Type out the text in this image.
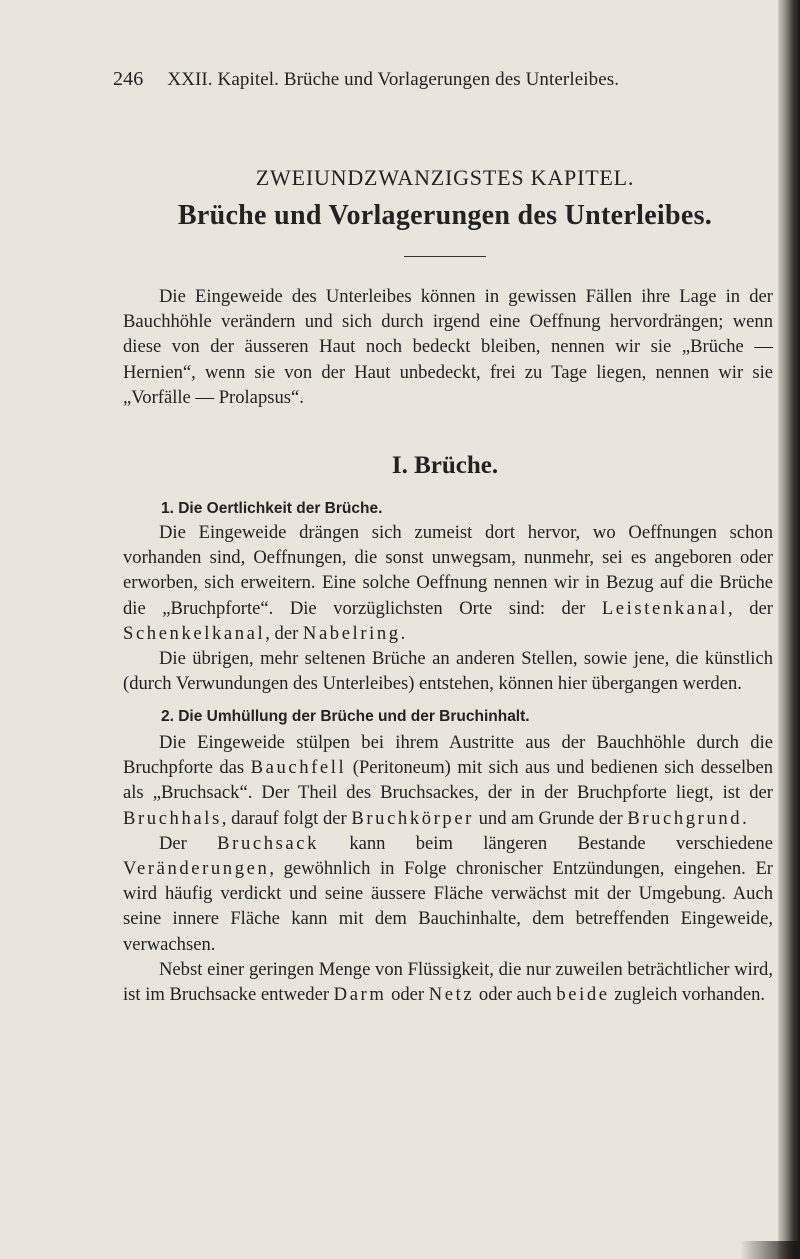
246 XXII. Kapitel. Brüche und Vorlagerungen des Unterleibes.
ZWEIUNDZWANZIGSTES KAPITEL.
Brüche und Vorlagerungen des Unterleibes.

Die Eingeweide des Unterleibes können in gewissen Fällen ihre Lage in der Bauchhöhle verändern und sich durch irgend eine Oeffnung hervordrängen; wenn diese von der äusseren Haut noch bedeckt bleiben, nennen wir sie „Brüche — Hernien“, wenn sie von der Haut unbedeckt, frei zu Tage liegen, nennen wir sie „Vorfälle — Prolapsus“.

I. Brüche.
1. Die Oertlichkeit der Brüche.

Die Eingeweide drängen sich zumeist dort hervor, wo Oeffnungen schon vorhanden sind, Oeffnungen, die sonst unwegsam, nunmehr, sei es angeboren oder erworben, sich erweitern. Eine solche Oeffnung nennen wir in Bezug auf die Brüche die „Bruchpforte“. Die vorzüglichsten Orte sind: der Leistenkanal, der Schenkelkanal, der Nabelring.

Die übrigen, mehr seltenen Brüche an anderen Stellen, sowie jene, die künstlich (durch Verwundungen des Unterleibes) entstehen, können hier übergangen werden.

2. Die Umhüllung der Brüche und der Bruchinhalt.

Die Eingeweide stülpen bei ihrem Austritte aus der Bauchhöhle durch die Bruchpforte das Bauchfell (Peritoneum) mit sich aus und bedienen sich desselben als „Bruchsack“. Der Theil des Bruchsackes, der in der Bruchpforte liegt, ist der Bruchhals, darauf folgt der Bruchkörper und am Grunde der Bruchgrund.

Der Bruchsack kann beim längeren Bestande verschiedene Veränderungen, gewöhnlich in Folge chronischer Entzündungen, eingehen. Er wird häufig verdickt und seine äussere Fläche verwächst mit der Umgebung. Auch seine innere Fläche kann mit dem Bauchinhalte, dem betreffenden Eingeweide, verwachsen.

Nebst einer geringen Menge von Flüssigkeit, die nur zuweilen beträchtlicher wird, ist im Bruchsacke entweder Darm oder Netz oder auch beide zugleich vorhanden.
